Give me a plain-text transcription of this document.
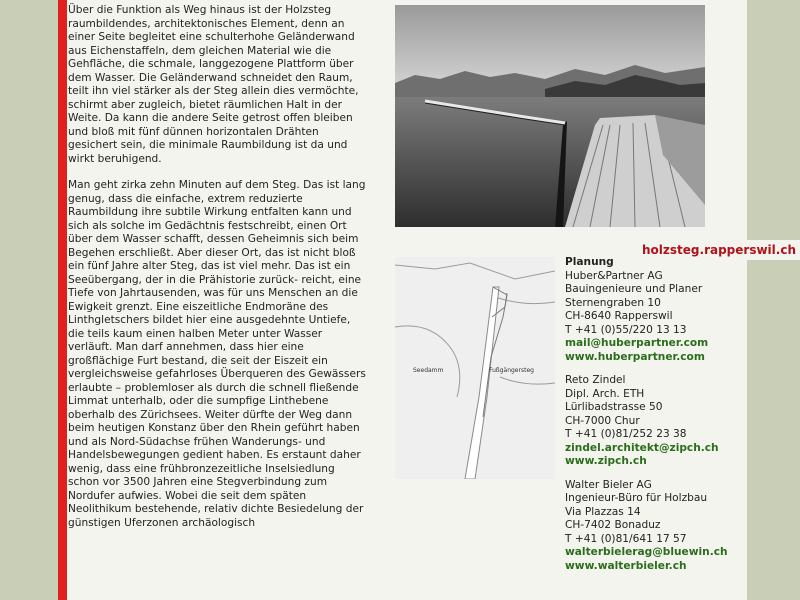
Über die Funktion als Weg hinaus ist der Holzsteg raumbildendes, architektonisches Element, denn an einer Seite begleitet eine schulterhohe Geländerwand aus Eichenstaffeln, dem gleichen Material wie die Gehfläche, die schmale, langgezogene Plattform über dem Wasser. Die Geländerwand schneidet den Raum, teilt ihn viel stärker als der Steg allein dies vermöchte, schirmt aber zugleich, bietet räumlichen Halt in der Weite. Da kann die andere Seite getrost offen bleiben und bloß mit fünf dünnen horizontalen Drähten gesichert sein, die minimale Raumbildung ist da und wirkt beruhigend.

Man geht zirka zehn Minuten auf dem Steg. Das ist lang genug, dass die einfache, extrem reduzierte Raumbildung ihre subtile Wirkung entfalten kann und sich als solche im Gedächtnis festschreibt, einen Ort über dem Wasser schafft, dessen Geheimnis sich beim Begehen erschließt. Aber dieser Ort, das ist nicht bloß ein fünf Jahre alter Steg, das ist viel mehr. Das ist ein Seeübergang, der in die Prähistorie zurück- reicht, eine Tiefe von Jahrtausenden, was für uns Menschen an die Ewigkeit grenzt. Eine eiszeitliche Endmoräne des Linthgletschers bildet hier eine ausgedehnte Untiefe, die teils kaum einen halben Meter unter Wasser verläuft. Man darf annehmen, dass hier eine großflächige Furt bestand, die seit der Eiszeit ein vergleichsweise gefahrloses Überqueren des Gewässers erlaubte – problemloser als durch die schnell fließende Limmat unterhalb, oder die sumpfige Linthebene oberhalb des Zürichsees. Weiter dürfte der Weg dann beim heutigen Konstanz über den Rhein geführt haben und als Nord-Südachse frühen Wanderungs- und Handelsbewegungen gedient haben. Es erstaunt daher wenig, dass eine frühbronzezeitliche Inselsiedlung schon vor 3500 Jahren eine Stegverbindung zum Nordufer aufwies. Wobei die seit dem späten Neolithikum bestehende, relativ dichte Besiedelung der günstigen Uferzonen archäologisch

holzsteg.rapperswil.ch
Seedamm	Fußgängersteg
Planung
Huber&Partner AG
Bauingenieure und Planer
Sternengraben 10
CH-8640 Rapperswil
T +41 (0)55/220 13 13
mail@huberpartner.com
www.huberpartner.com
Reto Zindel
Dipl. Arch. ETH
Lürlibadstrasse 50
CH-7000 Chur
T +41 (0)81/252 23 38
zindel.architekt@zipch.ch
www.zipch.ch
Walter Bieler AG
Ingenieur-Büro für Holzbau
Via Plazzas 14
CH-7402 Bonaduz
T +41 (0)81/641 17 57
walterbielerag@bluewin.ch
www.walterbieler.ch
